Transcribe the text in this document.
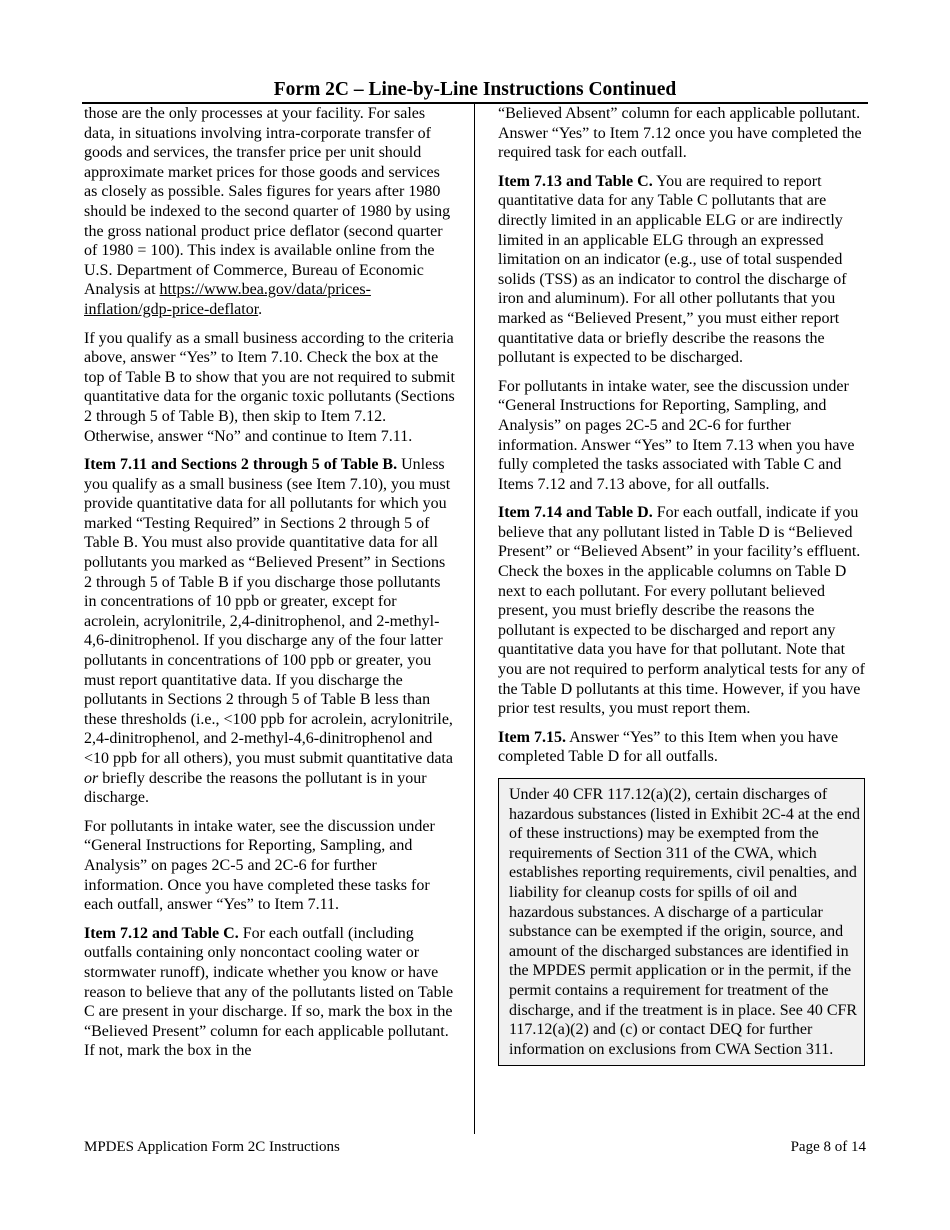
Form 2C – Line-by-Line Instructions Continued

those are the only processes at your facility. For sales data, in situations involving intra-corporate transfer of goods and services, the transfer price per unit should approximate market prices for those goods and services as closely as possible. Sales figures for years after 1980 should be indexed to the second quarter of 1980 by using the gross national product price deflator (second quarter of 1980 = 100). This index is available online from the U.S. Department of Commerce, Bureau of Economic Analysis at https://www.bea.gov/data/prices-inflation/gdp-price-deflator.

If you qualify as a small business according to the criteria above, answer “Yes” to Item 7.10. Check the box at the top of Table B to show that you are not required to submit quantitative data for the organic toxic pollutants (Sections 2 through 5 of Table B), then skip to Item 7.12. Otherwise, answer “No” and continue to Item 7.11.

Item 7.11 and Sections 2 through 5 of Table B. Unless you qualify as a small business (see Item 7.10), you must provide quantitative data for all pollutants for which you marked “Testing Required” in Sections 2 through 5 of Table B. You must also provide quantitative data for all pollutants you marked as “Believed Present” in Sections 2 through 5 of Table B if you discharge those pollutants in concentrations of 10 ppb or greater, except for acrolein, acrylonitrile, 2,4-dinitrophenol, and 2-methyl-4,6-dinitrophenol. If you discharge any of the four latter pollutants in concentrations of 100 ppb or greater, you must report quantitative data. If you discharge the pollutants in Sections 2 through 5 of Table B less than these thresholds (i.e., <100 ppb for acrolein, acrylonitrile, 2,4-dinitrophenol, and 2-methyl-4,6-dinitrophenol and <10 ppb for all others), you must submit quantitative data or briefly describe the reasons the pollutant is in your discharge.

For pollutants in intake water, see the discussion under “General Instructions for Reporting, Sampling, and Analysis” on pages 2C-5 and 2C-6 for further information. Once you have completed these tasks for each outfall, answer “Yes” to Item 7.11.

Item 7.12 and Table C. For each outfall (including outfalls containing only noncontact cooling water or stormwater runoff), indicate whether you know or have reason to believe that any of the pollutants listed on Table C are present in your discharge. If so, mark the box in the “Believed Present” column for each applicable pollutant. If not, mark the box in the

“Believed Absent” column for each applicable pollutant. Answer “Yes” to Item 7.12 once you have completed the required task for each outfall.

Item 7.13 and Table C. You are required to report quantitative data for any Table C pollutants that are directly limited in an applicable ELG or are indirectly limited in an applicable ELG through an expressed limitation on an indicator (e.g., use of total suspended solids (TSS) as an indicator to control the discharge of iron and aluminum). For all other pollutants that you marked as “Believed Present,” you must either report quantitative data or briefly describe the reasons the pollutant is expected to be discharged.

For pollutants in intake water, see the discussion under “General Instructions for Reporting, Sampling, and Analysis” on pages 2C-5 and 2C-6 for further information. Answer “Yes” to Item 7.13 when you have fully completed the tasks associated with Table C and Items 7.12 and 7.13 above, for all outfalls.

Item 7.14 and Table D. For each outfall, indicate if you believe that any pollutant listed in Table D is “Believed Present” or “Believed Absent” in your facility’s effluent. Check the boxes in the applicable columns on Table D next to each pollutant. For every pollutant believed present, you must briefly describe the reasons the pollutant is expected to be discharged and report any quantitative data you have for that pollutant. Note that you are not required to perform analytical tests for any of the Table D pollutants at this time. However, if you have prior test results, you must report them.

Item 7.15. Answer “Yes” to this Item when you have completed Table D for all outfalls.

Under 40 CFR 117.12(a)(2), certain discharges of hazardous substances (listed in Exhibit 2C-4 at the end of these instructions) may be exempted from the requirements of Section 311 of the CWA, which establishes reporting requirements, civil penalties, and liability for cleanup costs for spills of oil and hazardous substances. A discharge of a particular substance can be exempted if the origin, source, and amount of the discharged substances are identified in the MPDES permit application or in the permit, if the permit contains a requirement for treatment of the discharge, and if the treatment is in place. See 40 CFR 117.12(a)(2) and (c) or contact DEQ for further information on exclusions from CWA Section 311.

MPDES Application Form 2C Instructions	Page 8 of 14
